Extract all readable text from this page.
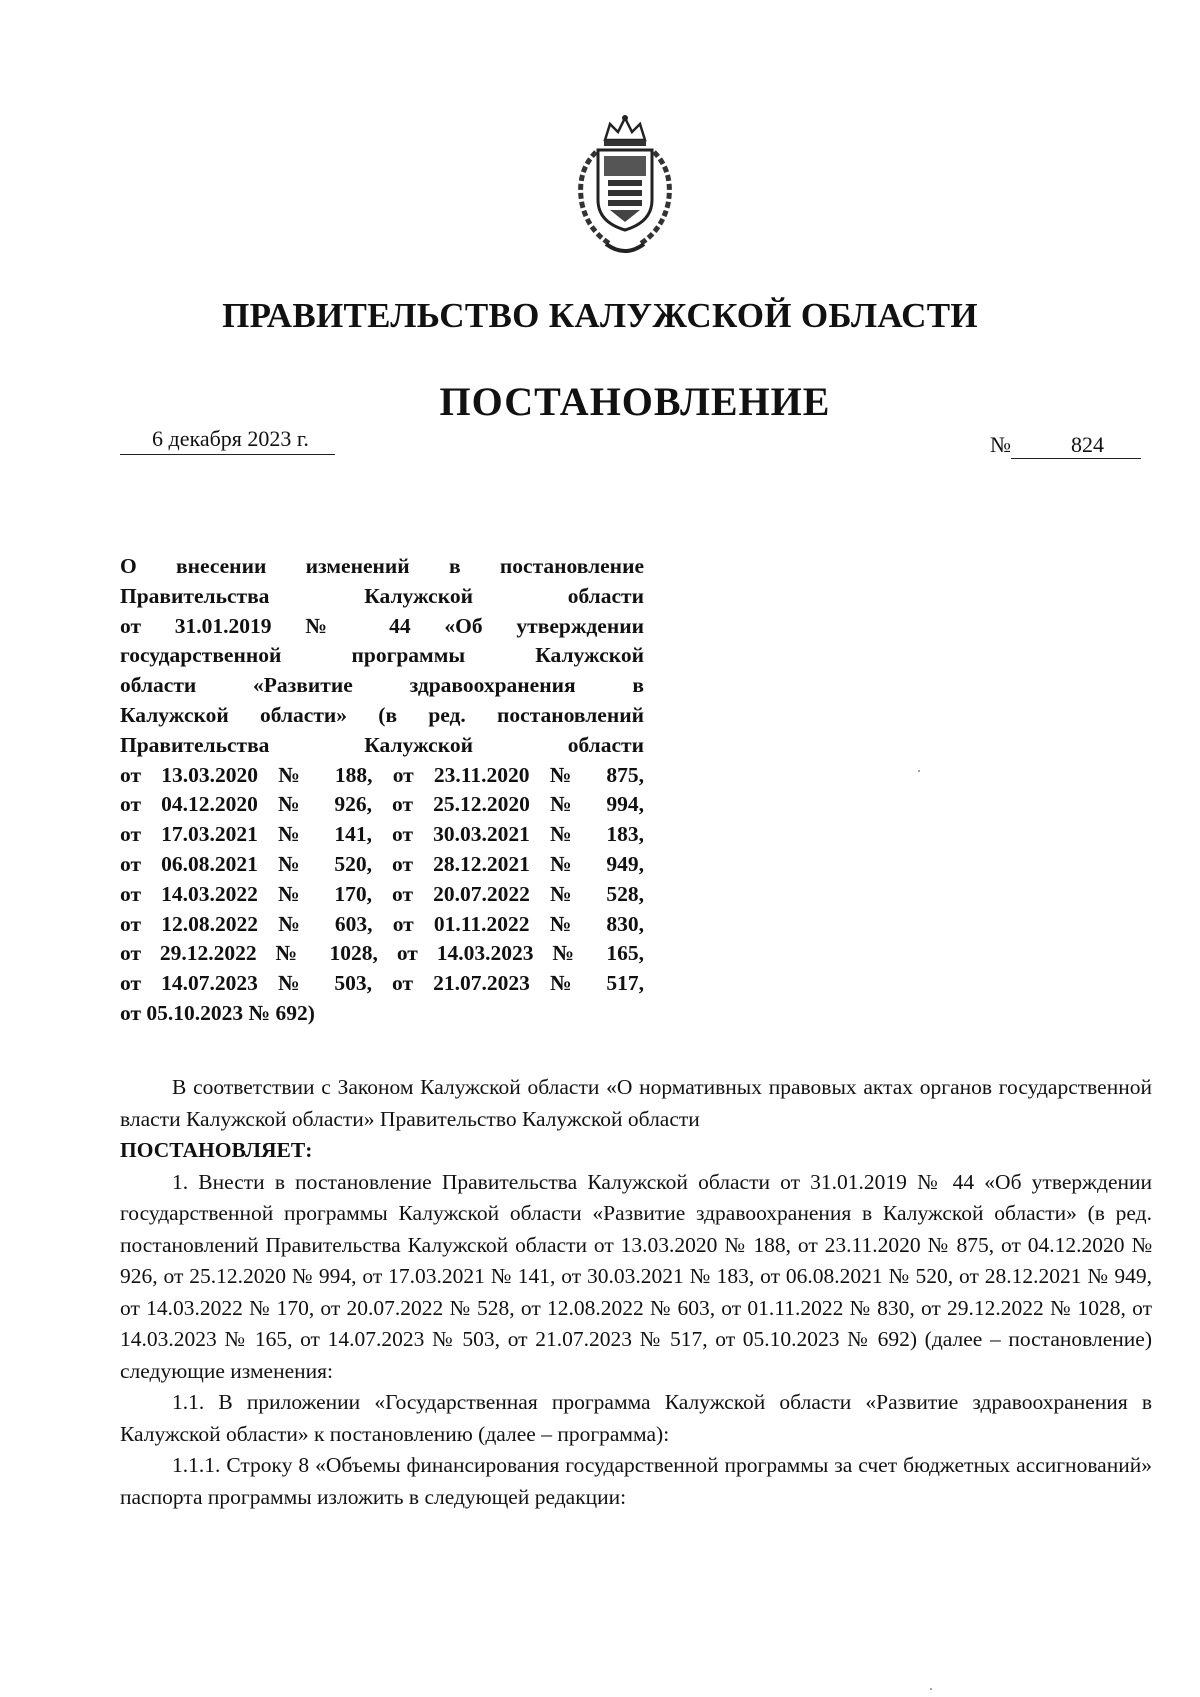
ПРАВИТЕЛЬСТВО КАЛУЖСКОЙ ОБЛАСТИ
ПОСТАНОВЛЕНИЕ
6 декабря 2023 г.	№	824
О внесении изменений в постановление
Правительства Калужской области
от 31.01.2019 № 44 «Об утверждении
государственной программы Калужской
области «Развитие здравоохранения в
Калужской области» (в ред. постановлений
Правительства Калужской области
от 13.03.2020 № 188, от 23.11.2020 № 875,
от 04.12.2020 № 926, от 25.12.2020 № 994,
от 17.03.2021 № 141, от 30.03.2021 № 183,
от 06.08.2021 № 520, от 28.12.2021 № 949,
от 14.03.2022 № 170, от 20.07.2022 № 528,
от 12.08.2022 № 603, от 01.11.2022 № 830,
от 29.12.2022 № 1028, от 14.03.2023 № 165,
от 14.07.2023 № 503, от 21.07.2023 № 517,
от 05.10.2023 № 692)

В соответствии с Законом Калужской области «О нормативных правовых актах органов государственной власти Калужской области» Правительство Калужской области

ПОСТАНОВЛЯЕТ:

1. Внести в постановление Правительства Калужской области от 31.01.2019 № 44 «Об утверждении государственной программы Калужской области «Развитие здравоохранения в Калужской области» (в ред. постановлений Правительства Калужской области от 13.03.2020 № 188, от 23.11.2020 № 875, от 04.12.2020 № 926, от 25.12.2020 № 994, от 17.03.2021 № 141, от 30.03.2021 № 183, от 06.08.2021 № 520, от 28.12.2021 № 949, от 14.03.2022 № 170, от 20.07.2022 № 528, от 12.08.2022 № 603, от 01.11.2022 № 830, от 29.12.2022 № 1028, от 14.03.2023 № 165, от 14.07.2023 № 503, от 21.07.2023 № 517, от 05.10.2023 № 692) (далее – постановление) следующие изменения:

1.1. В приложении «Государственная программа Калужской области «Развитие здравоохранения в Калужской области» к постановлению (далее – программа):

1.1.1. Строку 8 «Объемы финансирования государственной программы за счет бюджетных ассигнований» паспорта программы изложить в следующей редакции:
